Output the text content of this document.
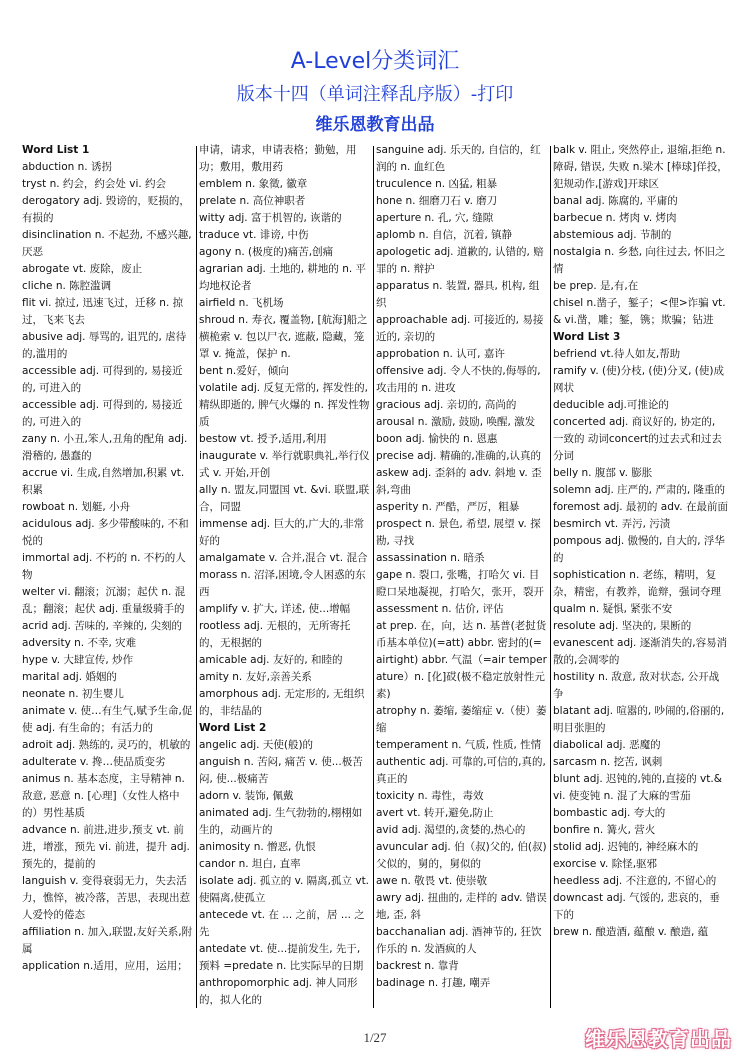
A-Level分类词汇
版本十四（单词注释乱序版）-打印
维乐恩教育出品

Word List 1

abduction n. 诱拐

tryst n. 约会，约会处 vi. 约会

derogatory adj. 毁谤的，贬损的，有损的

disinclination n. 不起劲, 不感兴趣, 厌恶

abrogate vt. 废除，废止

cliche n. 陈腔滥调

flit vi. 掠过, 迅速飞过，迁移 n. 掠过，飞来飞去

abusive adj. 辱骂的, 诅咒的, 虐待的,滥用的

accessible adj. 可得到的, 易接近的, 可进入的

accessible adj. 可得到的, 易接近的, 可进入的

zany n. 小丑,笨人,丑角的配角 adj. 滑稽的, 愚蠢的

accrue vi. 生成,自然增加,积累 vt. 积累

rowboat n. 划艇, 小舟

acidulous adj. 多少带酸味的, 不和悦的

immortal adj. 不朽的 n. 不朽的人物

welter vi. 翻滚；沉溺；起伏 n. 混乱；翻滚；起伏 adj. 重量级骑手的

acrid adj. 苦味的, 辛辣的, 尖刻的

adversity n. 不幸, 灾难

hype v. 大肆宣传, 炒作

marital adj. 婚姻的

neonate n. 初生婴儿

animate v. 使…有生气,赋予生命,促使 adj. 有生命的；有活力的

adroit adj. 熟练的, 灵巧的，机敏的

adulterate v. 搀…使品质变劣

animus n. 基本态度，主导精神 n. 敌意, 恶意 n. [心理]（女性人格中的）男性基质

advance n. 前进,进步,预支 vt. 前进，增涨，预先 vi. 前进，提升 adj. 预先的，提前的

languish v. 变得衰弱无力，失去活力，憔悴，被冷落，苦思，表现出惹人爱怜的倦态

affiliation n. 加入,联盟,友好关系,附属

application n.适用，应用，运用；

申请，请求，申请表格；勤勉，用功；敷用，敷用药

emblem n. 象徵, 徽章

prelate n. 高位神职者

witty adj. 富于机智的, 诙谐的

traduce vt. 诽谤, 中伤

agony n. (极度的)痛苦,创痛

agrarian adj. 土地的, 耕地的 n. 平均地权论者

airfield n. 飞机场

shroud n. 寿衣, 覆盖物, [航海]船之横桅索 v. 包以尸衣, 遮蔽, 隐藏，笼罩 v. 掩盖，保护 n.

bent n.爱好，倾向

volatile adj. 反复无常的, 挥发性的, 精纵即逝的, 脾气火爆的 n. 挥发性物质

bestow vt. 授予,适用,利用

inaugurate v. 举行就职典礼,举行仪式 v. 开始,开创

ally n. 盟友,同盟国 vt. &vi. 联盟,联合，同盟

immense adj. 巨大的,广大的,非常好的

amalgamate v. 合并,混合 vt. 混合

morass n. 沼泽,困境,令人困惑的东西

amplify v. 扩大, 详述, 使...增幅

rootless adj. 无根的，无所寄托的，无根据的

amicable adj. 友好的, 和睦的

amity n. 友好,亲善关系

amorphous adj. 无定形的, 无组织的，非结晶的

Word List 2

angelic adj. 天使(般)的

anguish n. 苦闷, 痛苦 v. 使...极苦闷, 使...极痛苦

adorn v. 装饰, 佩戴

animated adj. 生气勃勃的,栩栩如生的，动画片的

animosity n. 憎恶, 仇恨

candor n. 坦白, 直率

isolate adj. 孤立的 v. 隔离,孤立 vt. 使隔离,使孤立

antecede vt. 在 ... 之前，居 ... 之先

antedate vt. 使...提前发生, 先于, 预料 =predate n. 比实际早的日期

anthropomorphic adj. 神人同形的，拟人化的

sanguine adj. 乐天的, 自信的，红润的 n. 血红色

truculence n. 凶猛, 粗暴

hone n. 细磨刀石 v. 磨刀

aperture n. 孔, 穴, 缝隙

aplomb n. 自信，沉着, 镇静

apologetic adj. 道歉的, 认错的, 赔罪的 n. 辩护

apparatus n. 装置, 器具, 机构, 组织

approachable adj. 可接近的, 易接近的, 亲切的

approbation n. 认可, 嘉许

offensive adj. 令人不快的,侮辱的,攻击用的 n. 进攻

gracious adj. 亲切的, 高尚的

arousal n. 激励, 鼓励, 唤醒, 激发

boon adj. 愉快的 n. 恩惠

precise adj. 精确的,准确的,认真的

askew adj. 歪斜的 adv. 斜地 v. 歪斜,弯曲

asperity n. 严酷，严厉，粗暴

prospect n. 景色, 希望, 展望 v. 探勘, 寻找

assassination n. 暗杀

gape n. 裂口, 张嘴，打哈欠 vi. 目瞪口呆地凝视，打哈欠，张开，裂开

assessment n. 估价, 评估

at prep. 在，向，达 n. 基普(老挝货币基本单位)(=att) abbr. 密封的(=airtight) abbr. 气温（=air temperature）n. [化]砹(极不稳定放射性元素)

atrophy n. 萎缩, 萎缩症 v.（使）萎缩

temperament n. 气质, 性质, 性情

authentic adj. 可靠的,可信的,真的,真正的

toxicity n. 毒性，毒效

avert vt. 转开,避免,防止

avid adj. 渴望的,贪婪的,热心的

avuncular adj. 伯（叔)父的, 伯(叔)父似的，舅的，舅似的

awe n. 敬畏 vt. 使崇敬

awry adj. 扭曲的, 走样的 adv. 错误地, 歪, 斜

bacchanalian adj. 酒神节的, 狂饮作乐的 n. 发酒疯的人

backrest n. 靠背

badinage n. 打趣, 嘲弄

balk v. 阻止, 突然停止, 退缩,拒绝 n. 障碍, 错误, 失败 n.梁木 [棒球]佯投，犯规动作,[游戏]开球区

banal adj. 陈腐的, 平庸的

barbecue n. 烤肉 v. 烤肉

abstemious adj. 节制的

nostalgia n. 乡愁, 向往过去, 怀旧之情

be prep. 是,有,在

chisel n.凿子，錾子；<俚>诈骗 vt.& vi.凿，雕；錾，镌；欺骗；钻进

Word List 3

befriend vt.待人如友,帮助

ramify v. (使)分枝, (使)分叉, (使)成网状

deducible adj.可推论的

concerted adj. 商议好的, 协定的, 一致的 动词concert的过去式和过去分词

belly n. 腹部 v. 膨胀

solemn adj. 庄严的, 严肃的, 隆重的

foremost adj. 最初的 adv. 在最前面

besmirch vt. 弄污, 污渍

pompous adj. 傲慢的, 自大的, 浮华的

sophistication n. 老练，精明，复杂，精密，有教养，诡辩，强词夺理

qualm n. 疑惧, 紧张不安

resolute adj. 坚决的, 果断的

evanescent adj. 逐渐消失的,容易消散的,会凋零的

hostility n. 敌意, 敌对状态, 公开战争

blatant adj. 喧嚣的, 吵闹的,俗丽的,明目张胆的

diabolical adj. 恶魔的

sarcasm n. 挖苦, 讽刺

blunt adj. 迟钝的,钝的,直接的 vt.& vi. 使变钝 n. 混了大麻的雪茄

bombastic adj. 夸大的

bonfire n. 篝火, 营火

stolid adj. 迟钝的, 神经麻木的

exorcise v. 除怪,驱邪

heedless adj. 不注意的, 不留心的

downcast adj. 气馁的, 悲哀的，垂下的

brew n. 酿造酒, 蕴酿 v. 酿造, 蕴

1/27	维乐恩教育出品
